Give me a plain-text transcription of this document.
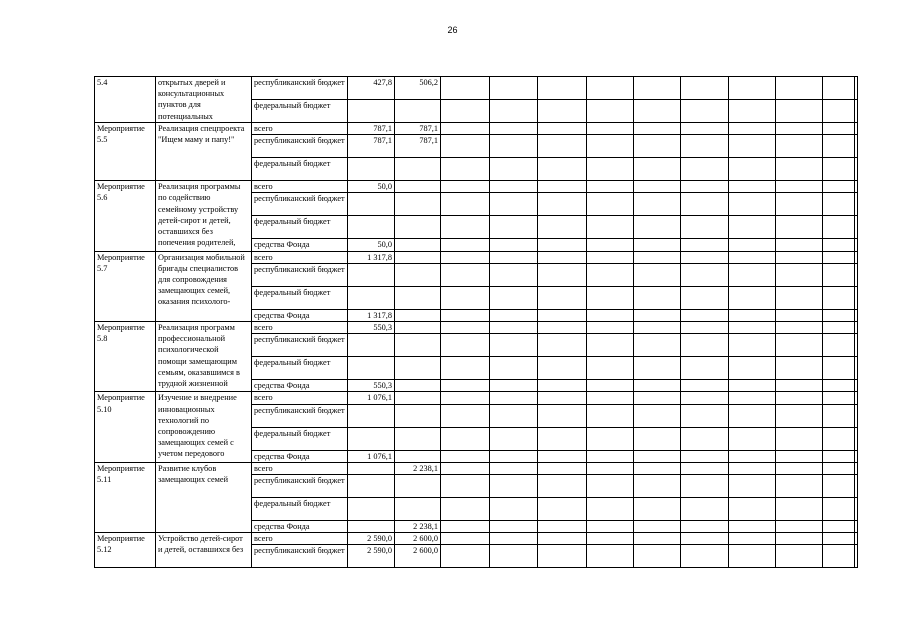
26
5.4	открытых дверей и консультационных пунктов для потенциальных	республиканский бюджет	427,8	506,2										
		федеральный бюджет												
Мероприятие 5.5	Реализация спецпроекта "Ищем маму и папу!"	всего	787,1	787,1										
		республиканский бюджет	787,1	787,1										
		федеральный бюджет												
Мероприятие 5.6	Реализация программы по содействию семейному устройству детей-сирот и детей, оставшихся без попечения родителей,	всего	50,0											
		республиканский бюджет												
		федеральный бюджет												
		средства Фонда	50,0											
Мероприятие 5.7	Организация мобильной бригады специалистов для сопровождения замещающих семей, оказания психолого-	всего	1 317,8											
		республиканский бюджет												
		федеральный бюджет												
		средства Фонда	1 317,8											
Мероприятие 5.8	Реализация программ профессиональной психологической помощи замещающим семьям, оказавшимся в трудной жизненной	всего	550,3											
		республиканский бюджет												
		федеральный бюджет												
		средства Фонда	550,3											
Мероприятие 5.10	Изучение и внедрение инновационных технологий по сопровождению замещающих семей с учетом передового	всего	1 076,1											
		республиканский бюджет												
		федеральный бюджет												
		средства Фонда	1 076,1											
Мероприятие 5.11	Развитие клубов замещающих семей	всего		2 238,1										
		республиканский бюджет												
		федеральный бюджет												
		средства Фонда		2 238,1										
Мероприятие 5.12	Устройство детей-сирот и детей, оставшихся без	всего	2 590,0	2 600,0										
		республиканский бюджет	2 590,0	2 600,0										
